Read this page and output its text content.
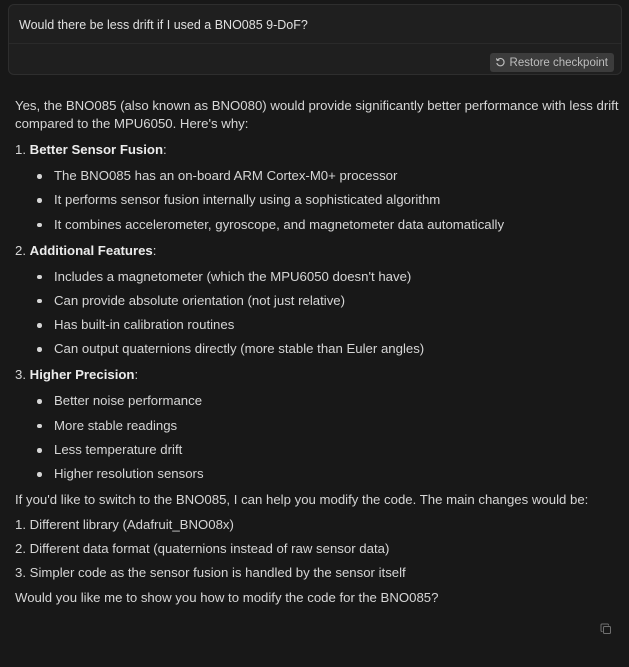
Would there be less drift if I used a BNO085 9-DoF?
Restore checkpoint
Yes, the BNO085 (also known as BNO080) would provide significantly better performance with less drift compared to the MPU6050. Here's why:
1. Better Sensor Fusion:
The BNO085 has an on-board ARM Cortex-M0+ processor
It performs sensor fusion internally using a sophisticated algorithm
It combines accelerometer, gyroscope, and magnetometer data automatically
2. Additional Features:
Includes a magnetometer (which the MPU6050 doesn't have)
Can provide absolute orientation (not just relative)
Has built-in calibration routines
Can output quaternions directly (more stable than Euler angles)
3. Higher Precision:
Better noise performance
More stable readings
Less temperature drift
Higher resolution sensors
If you'd like to switch to the BNO085, I can help you modify the code. The main changes would be:
1. Different library (Adafruit_BNO08x)
2. Different data format (quaternions instead of raw sensor data)
3. Simpler code as the sensor fusion is handled by the sensor itself
Would you like me to show you how to modify the code for the BNO085?
